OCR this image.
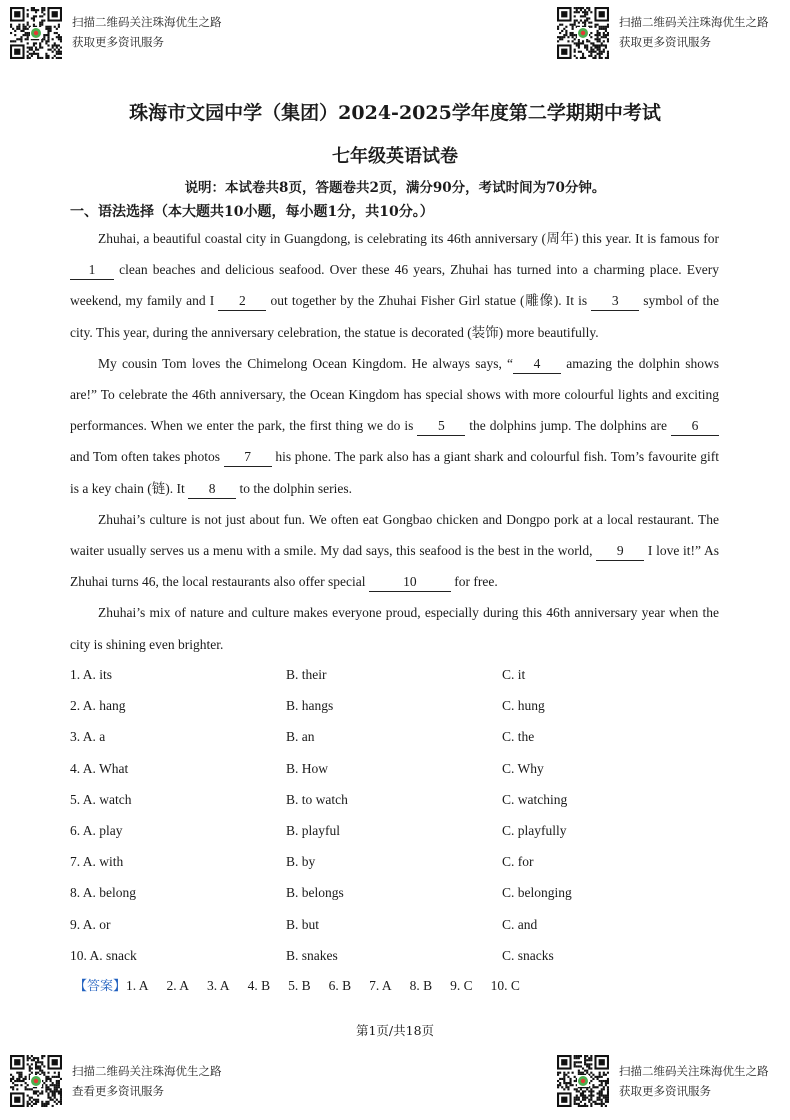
扫描二维码关注珠海优生之路
获取更多资讯服务
扫描二维码关注珠海优生之路
获取更多资讯服务
珠海市文园中学（集团）2024-2025学年度第二学期期中考试
七年级英语试卷
说明：本试卷共8页，答题卷共2页，满分90分，考试时间为70分钟。
一、语法选择（本大题共10小题，每小题1分，共10分。）

Zhuhai, a beautiful coastal city in Guangdong, is celebrating its 46th anniversary (周年) this year. It is famous for 1 clean beaches and delicious seafood. Over these 46 years, Zhuhai has turned into a charming place. Every weekend, my family and I 2 out together by the Zhuhai Fisher Girl statue (雕像). It is 3 symbol of the city. This year, during the anniversary celebration, the statue is decorated (装饰) more beautifully.

My cousin Tom loves the Chimelong Ocean Kingdom. He always says, “ 4 amazing the dolphin shows are!” To celebrate the 46th anniversary, the Ocean Kingdom has special shows with more colourful lights and exciting performances. When we enter the park, the first thing we do is 5 the dolphins jump. The dolphins are 6 and Tom often takes photos 7 his phone. The park also has a giant shark and colourful fish. Tom’s favourite gift is a key chain (链). It 8 to the dolphin series.

Zhuhai’s culture is not just about fun. We often eat Gongbao chicken and Dongpo pork at a local restaurant. The waiter usually serves us a menu with a smile. My dad says, this seafood is the best in the world, 9 I love it!” As Zhuhai turns 46, the local restaurants also offer special	10	for free.

Zhuhai’s mix of nature and culture makes everyone proud, especially during this 46th anniversary year when the city is shining even brighter.

1. A. its	B. their	C. it
2. A. hang	B. hangs	C. hung
3. A. a	B. an	C. the
4. A. What	B. How	C. Why
5. A. watch	B. to watch	C. watching
6. A. play	B. playful	C. playfully
7. A. with	B. by	C. for
8. A. belong	B. belongs	C. belonging
9. A. or	B. but	C. and
10. A. snack	B. snakes	C. snacks
【答案】1. A 2. A 3. A 4. B 5. B 6. B 7. A 8. B 9. C 10. C
第1页/共18页
扫描二维码关注珠海优生之路
查看更多资讯服务
扫描二维码关注珠海优生之路
获取更多资讯服务
